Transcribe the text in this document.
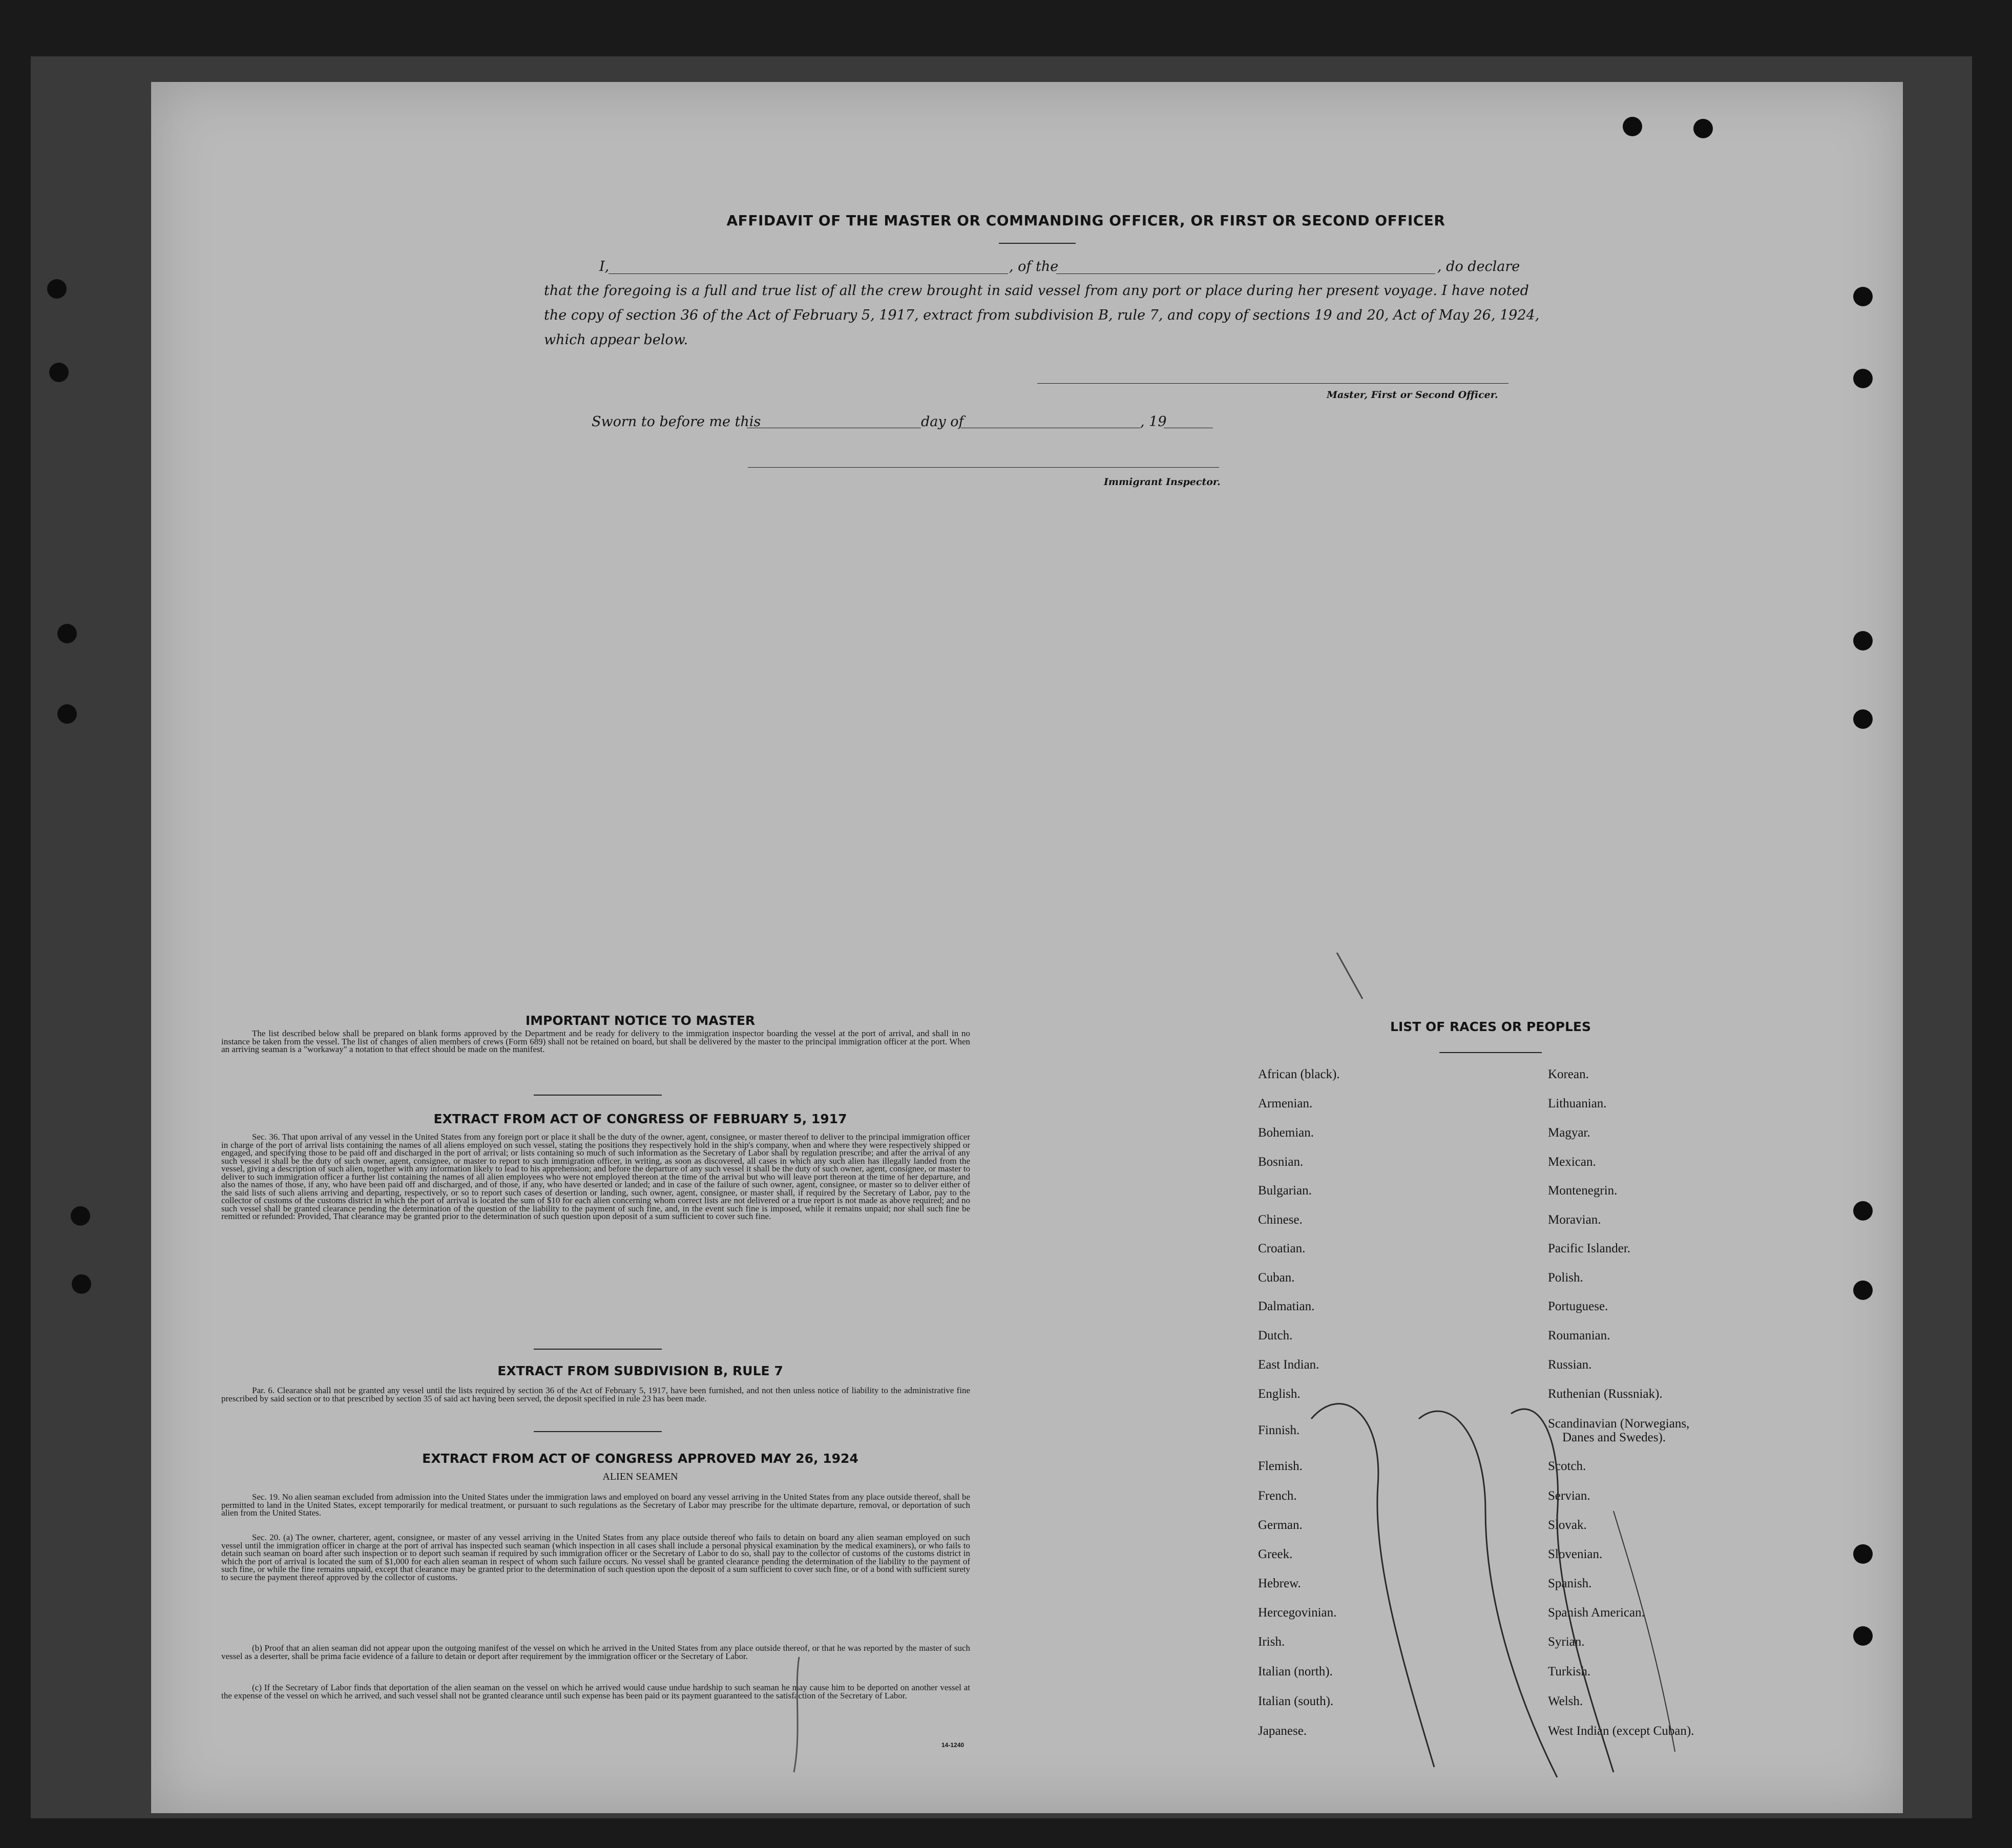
AFFIDAVIT OF THE MASTER OR COMMANDING OFFICER, OR FIRST OR SECOND OFFICER
I,	, of the	, do declare
that the foregoing is a full and true list of all the crew brought in said vessel from any port or place during her present voyage. I have noted
the copy of section 36 of the Act of February 5, 1917, extract from subdivision B, rule 7, and copy of sections 19 and 20, Act of May 26, 1924,
which appear below.
Master, First or Second Officer.
Sworn to before me this	day of	, 19
Immigrant Inspector.
IMPORTANT NOTICE TO MASTER
The list described below shall be prepared on blank forms approved by the Department and be ready for delivery to the immigration inspector boarding the vessel at the port of arrival, and shall in no instance be taken from the vessel. The list of changes of alien members of crews (Form 689) shall not be retained on board, but shall be delivered by the master to the principal immigration officer at the port. When an arriving seaman is a "workaway" a notation to that effect should be made on the manifest.
EXTRACT FROM ACT OF CONGRESS OF FEBRUARY 5, 1917
Sec. 36. That upon arrival of any vessel in the United States from any foreign port or place it shall be the duty of the owner, agent, consignee, or master thereof to deliver to the principal immigration officer in charge of the port of arrival lists containing the names of all aliens employed on such vessel, stating the positions they respectively hold in the ship's company, when and where they were respectively shipped or engaged, and specifying those to be paid off and discharged in the port of arrival; or lists containing so much of such information as the Secretary of Labor shall by regulation prescribe; and after the arrival of any such vessel it shall be the duty of such owner, agent, consignee, or master to report to such immigration officer, in writing, as soon as discovered, all cases in which any such alien has illegally landed from the vessel, giving a description of such alien, together with any information likely to lead to his apprehension; and before the departure of any such vessel it shall be the duty of such owner, agent, consignee, or master to deliver to such immigration officer a further list containing the names of all alien employees who were not employed thereon at the time of the arrival but who will leave port thereon at the time of her departure, and also the names of those, if any, who have been paid off and discharged, and of those, if any, who have deserted or landed; and in case of the failure of such owner, agent, consignee, or master so to deliver either of the said lists of such aliens arriving and departing, respectively, or so to report such cases of desertion or landing, such owner, agent, consignee, or master shall, if required by the Secretary of Labor, pay to the collector of customs of the customs district in which the port of arrival is located the sum of $10 for each alien concerning whom correct lists are not delivered or a true report is not made as above required; and no such vessel shall be granted clearance pending the determination of the question of the liability to the payment of such fine, and, in the event such fine is imposed, while it remains unpaid; nor shall such fine be remitted or refunded: Provided, That clearance may be granted prior to the determination of such question upon deposit of a sum sufficient to cover such fine.
EXTRACT FROM SUBDIVISION B, RULE 7
Par. 6. Clearance shall not be granted any vessel until the lists required by section 36 of the Act of February 5, 1917, have been furnished, and not then unless notice of liability to the administrative fine prescribed by said section or to that prescribed by section 35 of said act having been served, the deposit specified in rule 23 has been made.
EXTRACT FROM ACT OF CONGRESS APPROVED MAY 26, 1924
ALIEN SEAMEN
Sec. 19. No alien seaman excluded from admission into the United States under the immigration laws and employed on board any vessel arriving in the United States from any place outside thereof, shall be permitted to land in the United States, except temporarily for medical treatment, or pursuant to such regulations as the Secretary of Labor may prescribe for the ultimate departure, removal, or deportation of such alien from the United States.
Sec. 20. (a) The owner, charterer, agent, consignee, or master of any vessel arriving in the United States from any place outside thereof who fails to detain on board any alien seaman employed on such vessel until the immigration officer in charge at the port of arrival has inspected such seaman (which inspection in all cases shall include a personal physical examination by the medical examiners), or who fails to detain such seaman on board after such inspection or to deport such seaman if required by such immigration officer or the Secretary of Labor to do so, shall pay to the collector of customs of the customs district in which the port of arrival is located the sum of $1,000 for each alien seaman in respect of whom such failure occurs. No vessel shall be granted clearance pending the determination of the liability to the payment of such fine, or while the fine remains unpaid, except that clearance may be granted prior to the determination of such question upon the deposit of a sum sufficient to cover such fine, or of a bond with sufficient surety to secure the payment thereof approved by the collector of customs.
(b) Proof that an alien seaman did not appear upon the outgoing manifest of the vessel on which he arrived in the United States from any place outside thereof, or that he was reported by the master of such vessel as a deserter, shall be prima facie evidence of a failure to detain or deport after requirement by the immigration officer or the Secretary of Labor.
(c) If the Secretary of Labor finds that deportation of the alien seaman on the vessel on which he arrived would cause undue hardship to such seaman he may cause him to be deported on another vessel at the expense of the vessel on which he arrived, and such vessel shall not be granted clearance until such expense has been paid or its payment guaranteed to the satisfaction of the Secretary of Labor.
14-1240
LIST OF RACES OR PEOPLES
African (black).
Armenian.
Bohemian.
Bosnian.
Bulgarian.
Chinese.
Croatian.
Cuban.
Dalmatian.
Dutch.
East Indian.
English.
Finnish.
Flemish.
French.
German.
Greek.
Hebrew.
Hercegovinian.
Irish.
Italian (north).
Italian (south).
Japanese.
Korean.
Lithuanian.
Magyar.
Mexican.
Montenegrin.
Moravian.
Pacific Islander.
Polish.
Portuguese.
Roumanian.
Russian.
Ruthenian (Russniak).
Scandinavian (Norwegians,
Danes and Swedes).
Scotch.
Servian.
Slovak.
Slovenian.
Spanish.
Spanish American.
Syrian.
Turkish.
Welsh.
West Indian (except Cuban).
